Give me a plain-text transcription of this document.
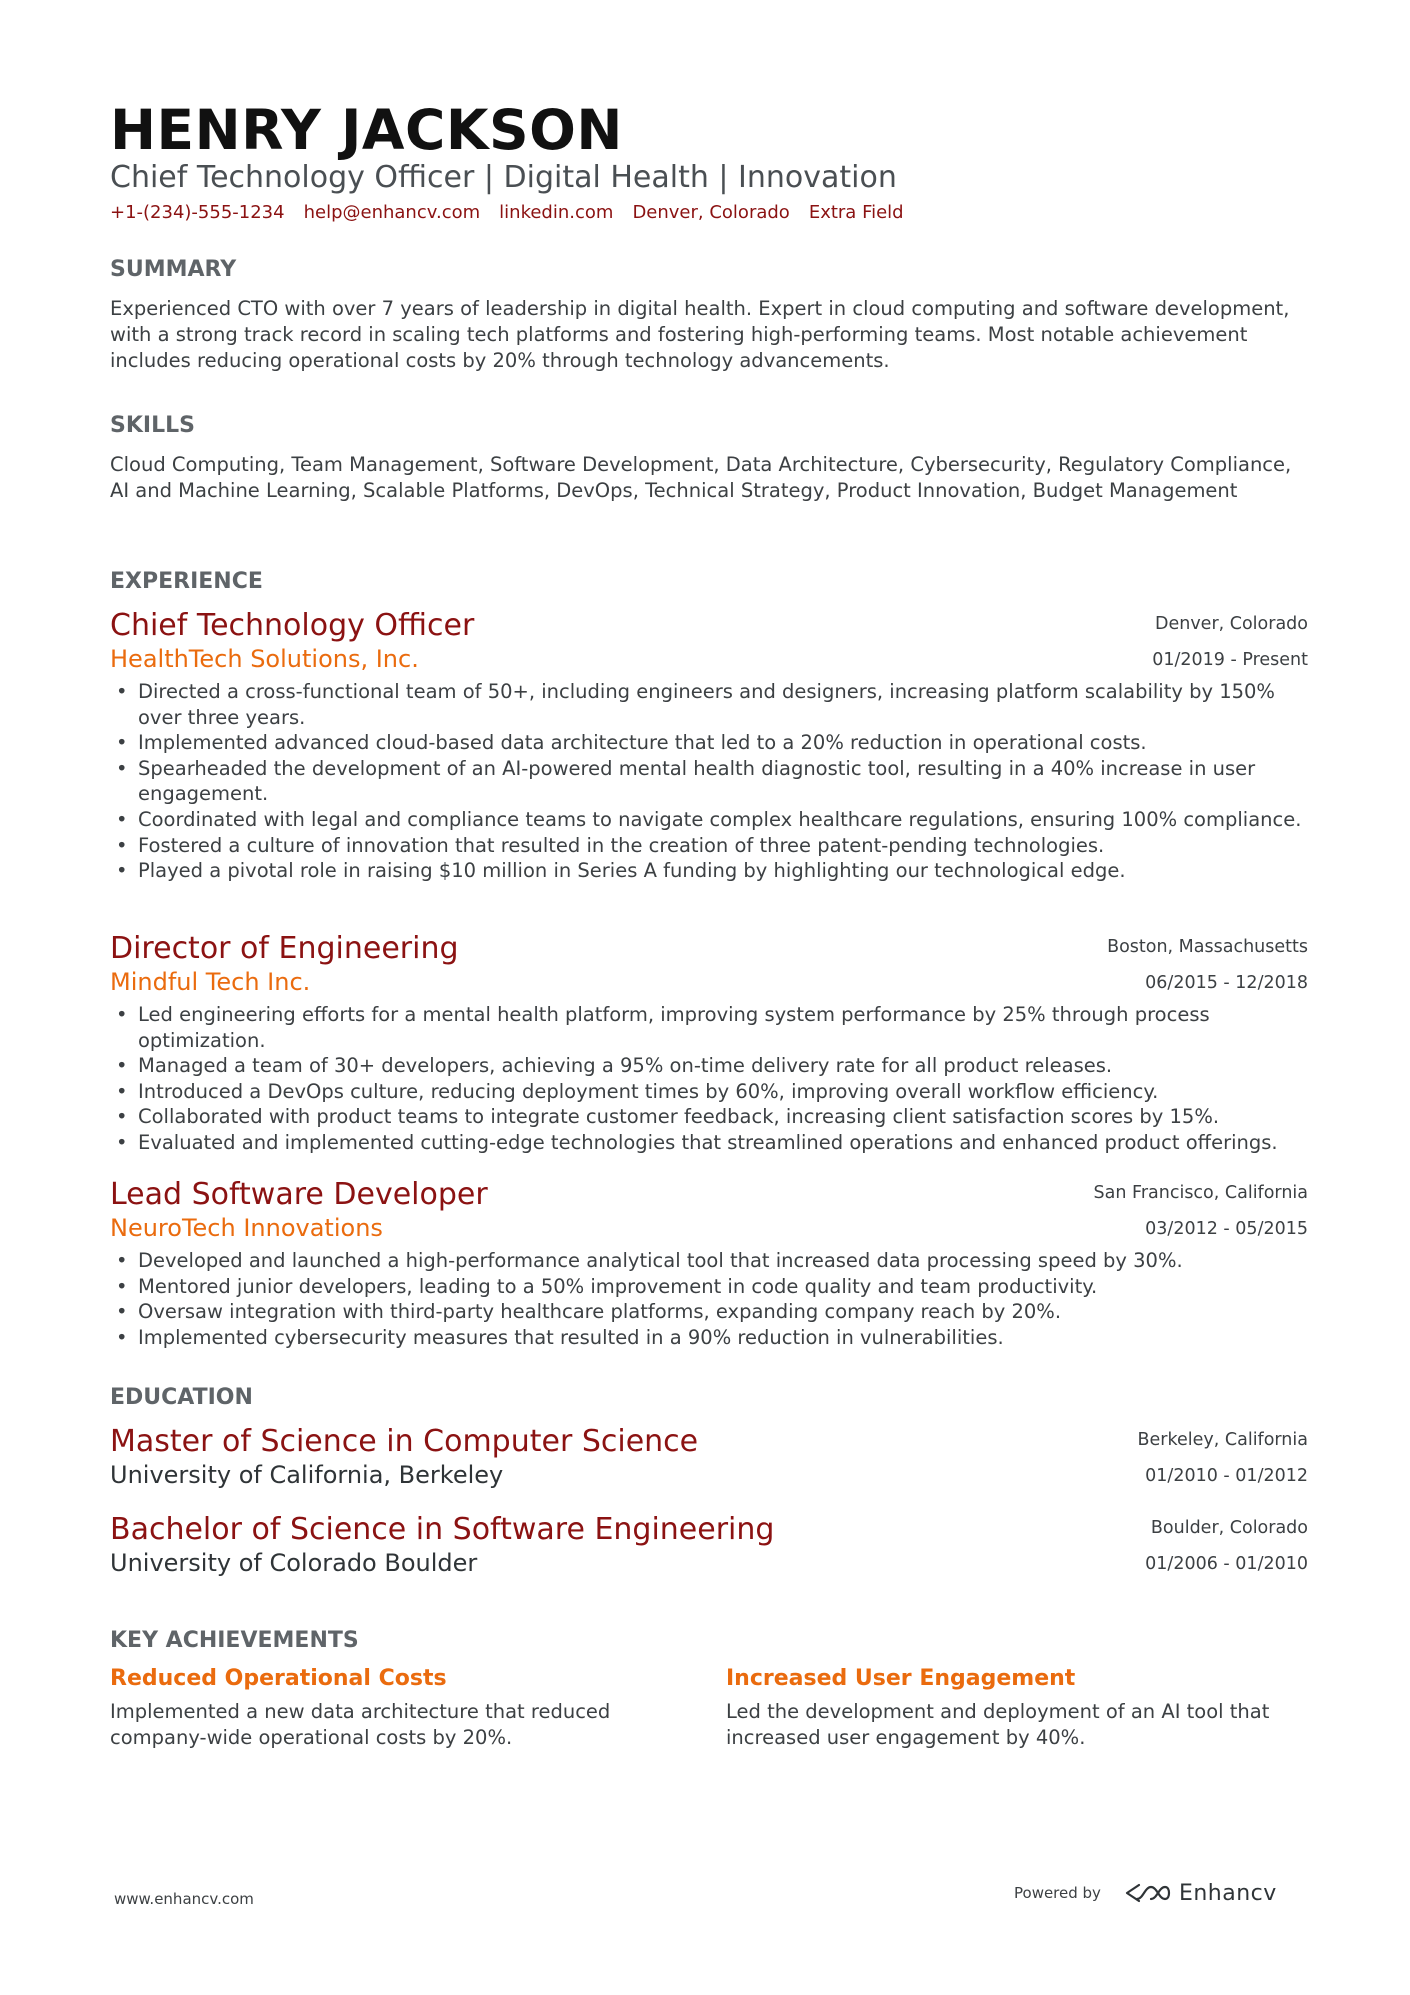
HENRY JACKSON
Chief Technology Officer | Digital Health | Innovation
+1-(234)-555-1234 help@enhancv.com linkedin.com Denver, Colorado Extra Field
SUMMARY
Experienced CTO with over 7 years of leadership in digital health. Expert in cloud computing and software development, with a strong track record in scaling tech platforms and fostering high-performing teams. Most notable achievement includes reducing operational costs by 20% through technology advancements.
SKILLS
Cloud Computing, Team Management, Software Development, Data Architecture, Cybersecurity, Regulatory Compliance, AI and Machine Learning, Scalable Platforms, DevOps, Technical Strategy, Product Innovation, Budget Management
EXPERIENCE
Chief Technology Officer
HealthTech Solutions, Inc.
Denver, Colorado
01/2019 - Present
• Directed a cross-functional team of 50+, including engineers and designers, increasing platform scalability by 150% over three years.
• Implemented advanced cloud-based data architecture that led to a 20% reduction in operational costs.
• Spearheaded the development of an AI-powered mental health diagnostic tool, resulting in a 40% increase in user engagement.
• Coordinated with legal and compliance teams to navigate complex healthcare regulations, ensuring 100% compliance.
• Fostered a culture of innovation that resulted in the creation of three patent-pending technologies.
• Played a pivotal role in raising $10 million in Series A funding by highlighting our technological edge.
Director of Engineering
Mindful Tech Inc.
Boston, Massachusetts
06/2015 - 12/2018
• Led engineering efforts for a mental health platform, improving system performance by 25% through process optimization.
• Managed a team of 30+ developers, achieving a 95% on-time delivery rate for all product releases.
• Introduced a DevOps culture, reducing deployment times by 60%, improving overall workflow efficiency.
• Collaborated with product teams to integrate customer feedback, increasing client satisfaction scores by 15%.
• Evaluated and implemented cutting-edge technologies that streamlined operations and enhanced product offerings.
Lead Software Developer
NeuroTech Innovations
San Francisco, California
03/2012 - 05/2015
• Developed and launched a high-performance analytical tool that increased data processing speed by 30%.
• Mentored junior developers, leading to a 50% improvement in code quality and team productivity.
• Oversaw integration with third-party healthcare platforms, expanding company reach by 20%.
• Implemented cybersecurity measures that resulted in a 90% reduction in vulnerabilities.
EDUCATION
Master of Science in Computer Science
University of California, Berkeley
Berkeley, California
01/2010 - 01/2012
Bachelor of Science in Software Engineering
University of Colorado Boulder
Boulder, Colorado
01/2006 - 01/2010
KEY ACHIEVEMENTS
Reduced Operational Costs
Implemented a new data architecture that reduced company-wide operational costs by 20%.
Increased User Engagement
Led the development and deployment of an AI tool that increased user engagement by 40%.
www.enhancv.com	Powered by	Enhancv
